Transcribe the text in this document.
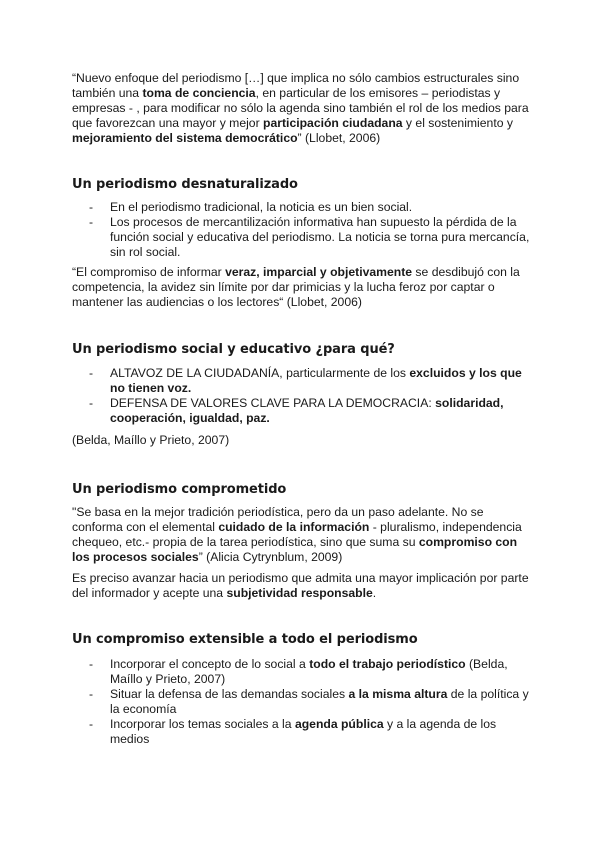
“Nuevo enfoque del periodismo […] que implica no sólo cambios estructurales sino también una toma de conciencia, en particular de los emisores – periodistas y empresas - , para modificar no sólo la agenda sino también el rol de los medios para que favorezcan una mayor y mejor participación ciudadana y el sostenimiento y mejoramiento del sistema democrático” (Llobet, 2006)

Un periodismo desnaturalizado
- En el periodismo tradicional, la noticia es un bien social.
- Los procesos de mercantilización informativa han supuesto la pérdida de la función social y educativa del periodismo. La noticia se torna pura mercancía, sin rol social.

“El compromiso de informar veraz, imparcial y objetivamente se desdibujó con la competencia, la avidez sin límite por dar primicias y la lucha feroz por captar o mantener las audiencias o los lectores“ (Llobet, 2006)

Un periodismo social y educativo ¿para qué?
- ALTAVOZ DE LA CIUDADANÍA, particularmente de los excluidos y los que no tienen voz.
- DEFENSA DE VALORES CLAVE PARA LA DEMOCRACIA: solidaridad, cooperación, igualdad, paz.

(Belda, Maíllo y Prieto, 2007)

Un periodismo comprometido

"Se basa en la mejor tradición periodística, pero da un paso adelante. No se conforma con el elemental cuidado de la información - pluralismo, independencia chequeo, etc.- propia de la tarea periodística, sino que suma su compromiso con los procesos sociales” (Alicia Cytrynblum, 2009)

Es preciso avanzar hacia un periodismo que admita una mayor implicación por parte del informador y acepte una subjetividad responsable.

Un compromiso extensible a todo el periodismo
- Incorporar el concepto de lo social a todo el trabajo periodístico (Belda, Maíllo y Prieto, 2007)
- Situar la defensa de las demandas sociales a la misma altura de la política y la economía
- Incorporar los temas sociales a la agenda pública y a la agenda de los medios
